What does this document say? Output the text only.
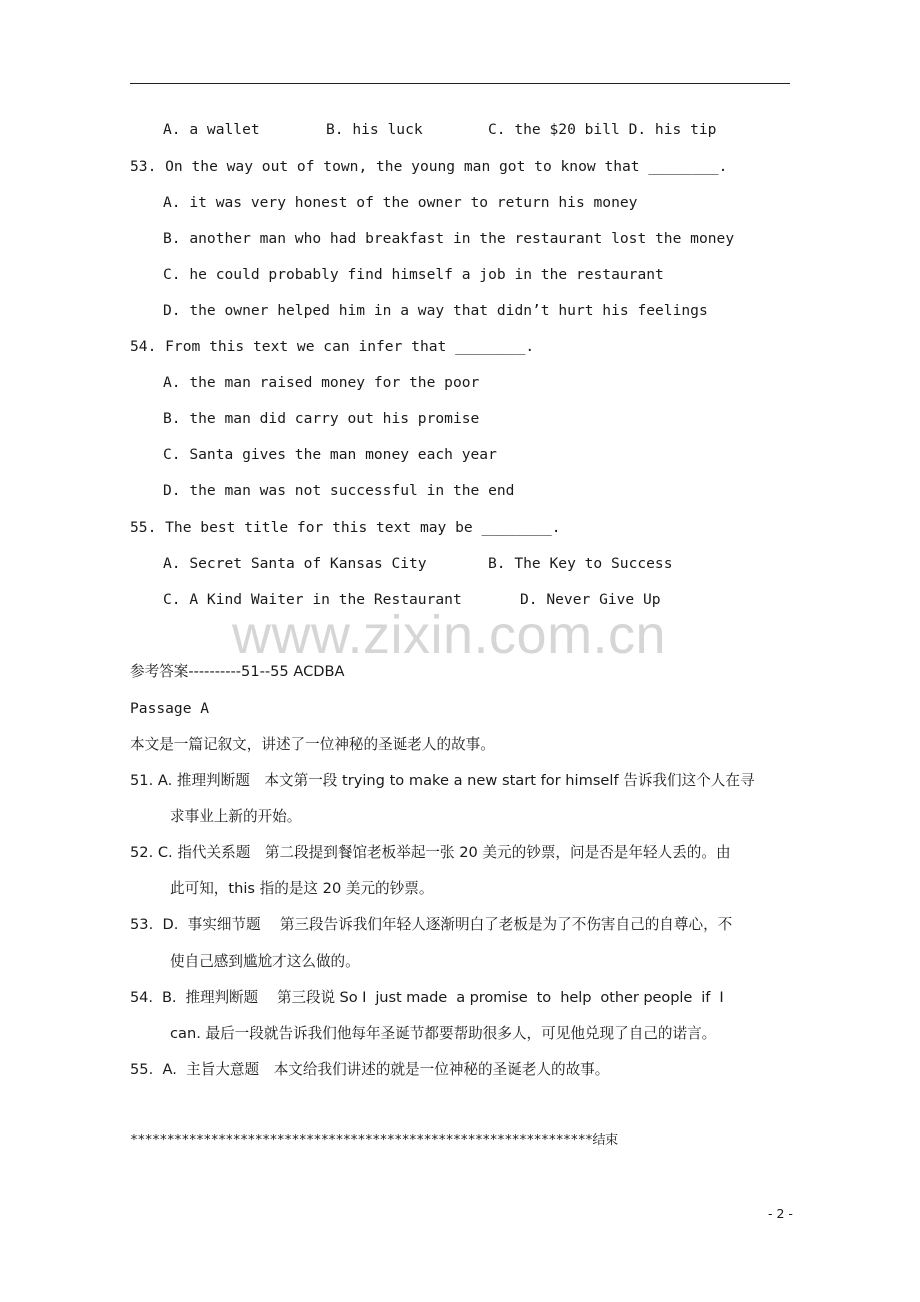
A. a wallet	B. his luck	C. the $20 bill D. his tip
53. On the way out of town, the young man got to know that ________.
A. it was very honest of the owner to return his money
B. another man who had breakfast in the restaurant lost the money
C. he could probably find himself a job in the restaurant
D. the owner helped him in a way that didn’t hurt his feelings
54. From this text we can infer that ________.
A. the man raised money for the poor
B. the man did carry out his promise
C. Santa gives the man money each year
D. the man was not successful in the end
55. The best title for this text may be ________.
A. Secret Santa of Kansas City	B. The Key to Success
C. A Kind Waiter in the Restaurant	D. Never Give Up
www.zixin.com.cn
参考答案----------51--55 ACDBA
Passage A
本文是一篇记叙文，讲述了一位神秘的圣诞老人的故事。
51. A. 推理判断题　本文第一段 trying to make a new start for himself 告诉我们这个人在寻
求事业上新的开始。
52. C. 指代关系题　第二段提到餐馆老板举起一张 20 美元的钞票，问是否是年轻人丢的。由
此可知，this 指的是这 20 美元的钞票。
53.  D.  事实细节题　 第三段告诉我们年轻人逐渐明白了老板是为了不伤害自己的自尊心，不
使自己感到尴尬才这么做的。
54.  B.  推理判断题　 第三段说 So I  just made  a promise  to  help  other people  if  I
can. 最后一段就告诉我们他每年圣诞节都要帮助很多人，可见他兑现了自己的诺言。
55.  A.  主旨大意题　本文给我们讲述的就是一位神秘的圣诞老人的故事。
***************************************************************结束
- 2 -
